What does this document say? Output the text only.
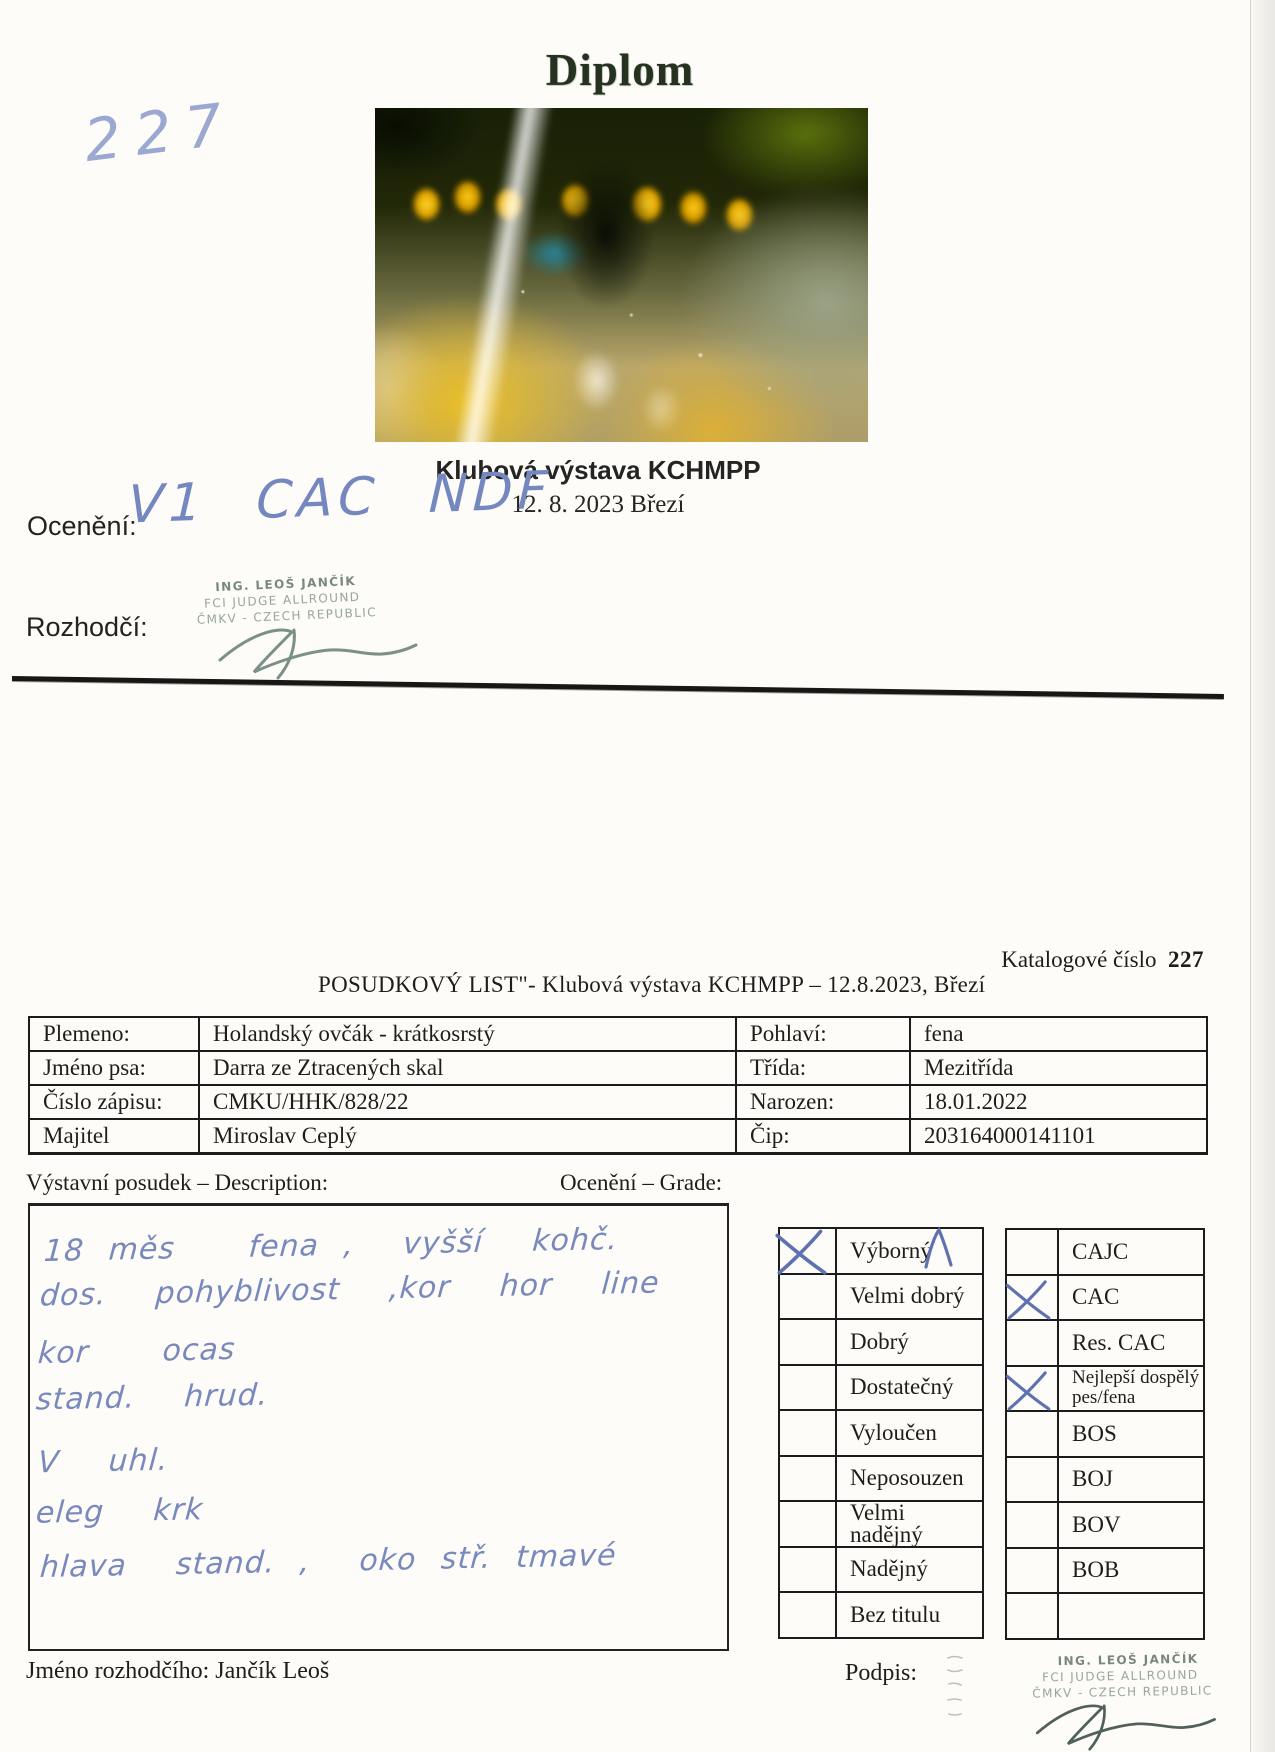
Diplom
227
Klubová výstava KCHMPP
12. 8. 2023 Březí
Ocenění:
V1 CAC NDF
ING. LEOŠ JANČÍK
FCI JUDGE ALLROUND
ČMKV - CZECH REPUBLIC
Rozhodčí:
Katalogové číslo 227
POSUDKOVÝ LIST"- Klubová výstava KCHMPP – 12.8.2023, Březí
Plemeno:	Holandský ovčák - krátkosrstý	Pohlaví:	fena
Jméno psa:	Darra ze Ztracených skal	Třída:	Mezitřída
Číslo zápisu:	CMKU/HHK/828/22	Narozen:	18.01.2022
Majitel	Miroslav Ceplý	Čip:	203164000141101
Výstavní posudek – Description:	Ocenění – Grade:
18 měs   fena ,  vyšší  kohč.
dos.  pohyblivost  ,kor  hor  line
kor   ocas
stand.  hrud.
V  uhl.
eleg  krk
hlava  stand. ,  oko stř. tmavé
Výborný
Velmi dobrý
Dobrý
Dostatečný
Vyloučen
Neposouzen
Velmi nadějný
Nadějný
Bez titulu
CAJC
CAC
Res. CAC
Nejlepší dospělý pes/fena
BOS
BOJ
BOV
BOB
Jméno rozhodčího: Jančík Leoš	Podpis:
ING. LEOŠ JANČÍK
FCI JUDGE ALLROUND
ČMKV - CZECH REPUBLIC
